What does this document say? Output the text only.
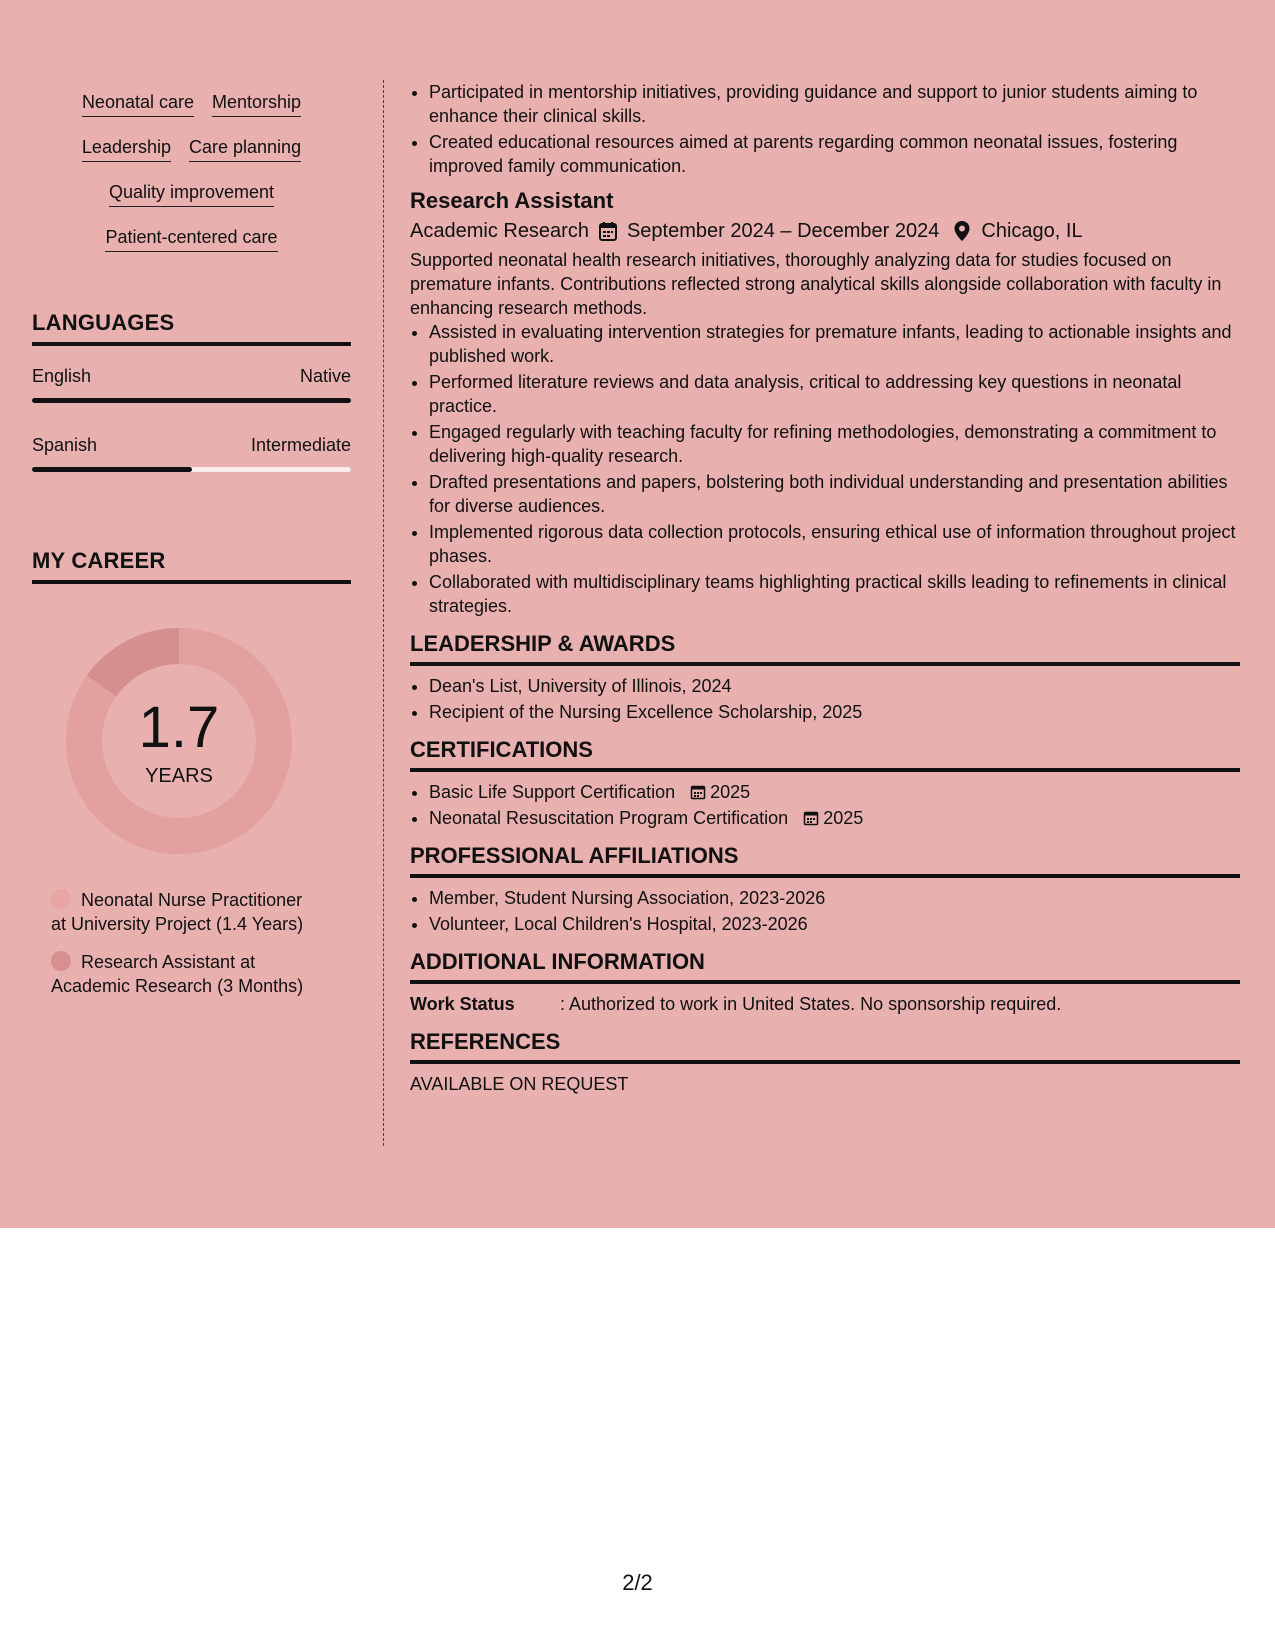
Neonatal care Mentorship
Leadership Care planning
Quality improvement
Patient-centered care
LANGUAGES
English	Native
Spanish	Intermediate
MY CAREER
1.7
YEARS
Neonatal Nurse Practitioner at University Project (1.4 Years)
Research Assistant at Academic Research (3 Months)
• Participated in mentorship initiatives, providing guidance and support to junior students aiming to enhance their clinical skills.
• Created educational resources aimed at parents regarding common neonatal issues, fostering improved family communication.
Research Assistant
Academic Research September 2024 – December 2024 Chicago, IL
Supported neonatal health research initiatives, thoroughly analyzing data for studies focused on premature infants. Contributions reflected strong analytical skills alongside collaboration with faculty in enhancing research methods.
• Assisted in evaluating intervention strategies for premature infants, leading to actionable insights and published work.
• Performed literature reviews and data analysis, critical to addressing key questions in neonatal practice.
• Engaged regularly with teaching faculty for refining methodologies, demonstrating a commitment to delivering high-quality research.
• Drafted presentations and papers, bolstering both individual understanding and presentation abilities for diverse audiences.
• Implemented rigorous data collection protocols, ensuring ethical use of information throughout project phases.
• Collaborated with multidisciplinary teams highlighting practical skills leading to refinements in clinical strategies.
LEADERSHIP & AWARDS
• Dean's List, University of Illinois, 2024
• Recipient of the Nursing Excellence Scholarship, 2025
CERTIFICATIONS
• Basic Life Support Certification 2025
• Neonatal Resuscitation Program Certification 2025
PROFESSIONAL AFFILIATIONS
• Member, Student Nursing Association, 2023-2026
• Volunteer, Local Children's Hospital, 2023-2026
ADDITIONAL INFORMATION
Work Status	: Authorized to work in United States. No sponsorship required.
REFERENCES
AVAILABLE ON REQUEST
2/2
